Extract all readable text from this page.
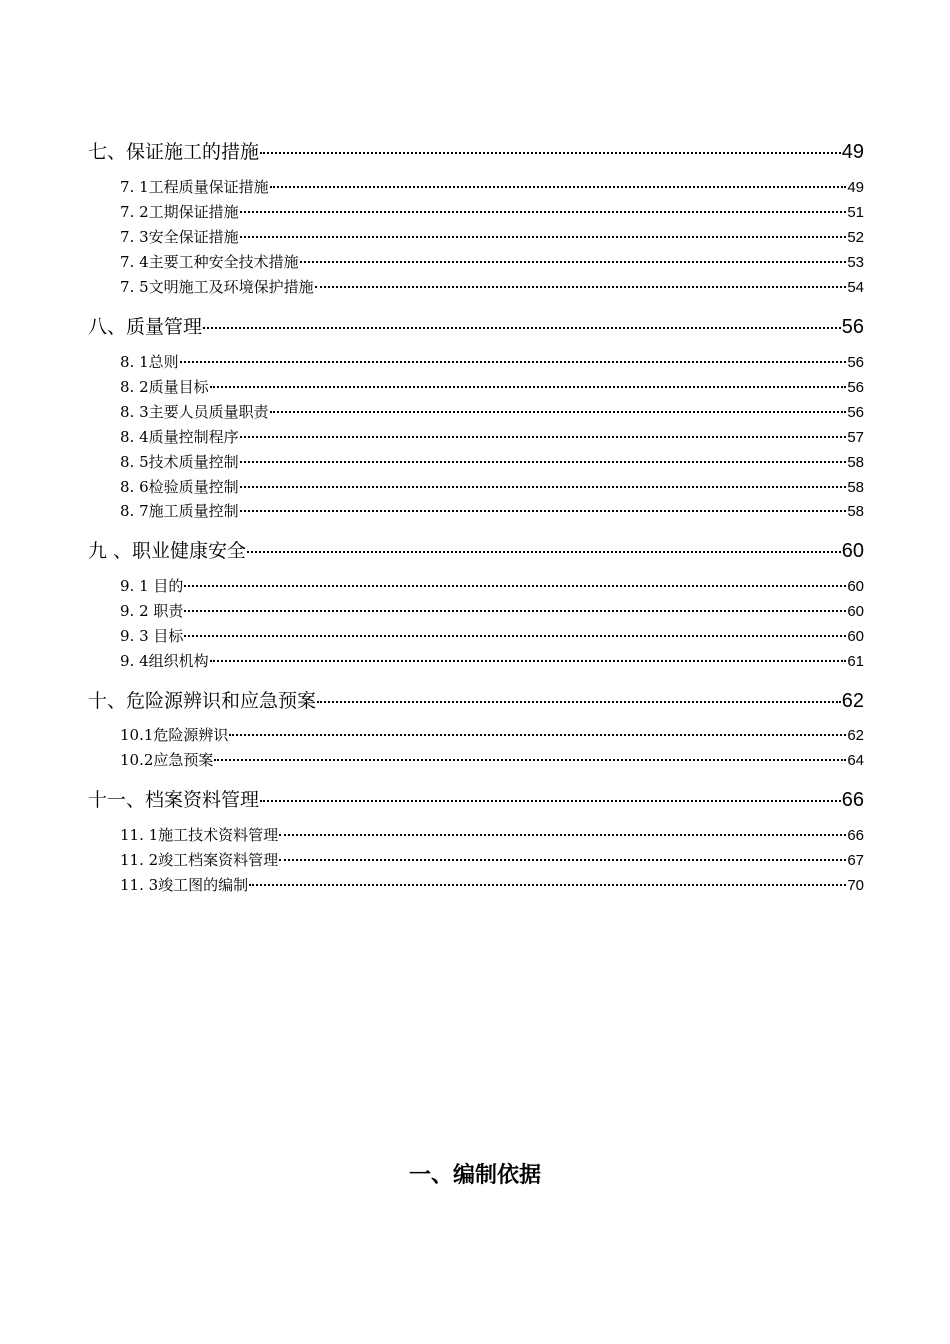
七、保证施工的措施	49
7. 1工程质量保证措施	49
7. 2工期保证措施	51
7. 3安全保证措施	52
7. 4主要工种安全技术措施	53
7. 5文明施工及环境保护措施	54
八、质量管理	56
8. 1总则	56
8. 2质量目标	56
8. 3主要人员质量职责	56
8. 4质量控制程序	57
8. 5技术质量控制	58
8. 6检验质量控制	58
8. 7施工质量控制	58
九 、职业健康安全	60
9. 1 目的	60
9. 2 职责	60
9. 3 目标	60
9. 4组织机构	61
十、危险源辨识和应急预案	62
10.1危险源辨识	62
10.2应急预案	64
十一、档案资料管理	66
11. 1施工技术资料管理	66
11. 2竣工档案资料管理	67
11. 3竣工图的编制	70
一、编制依据
